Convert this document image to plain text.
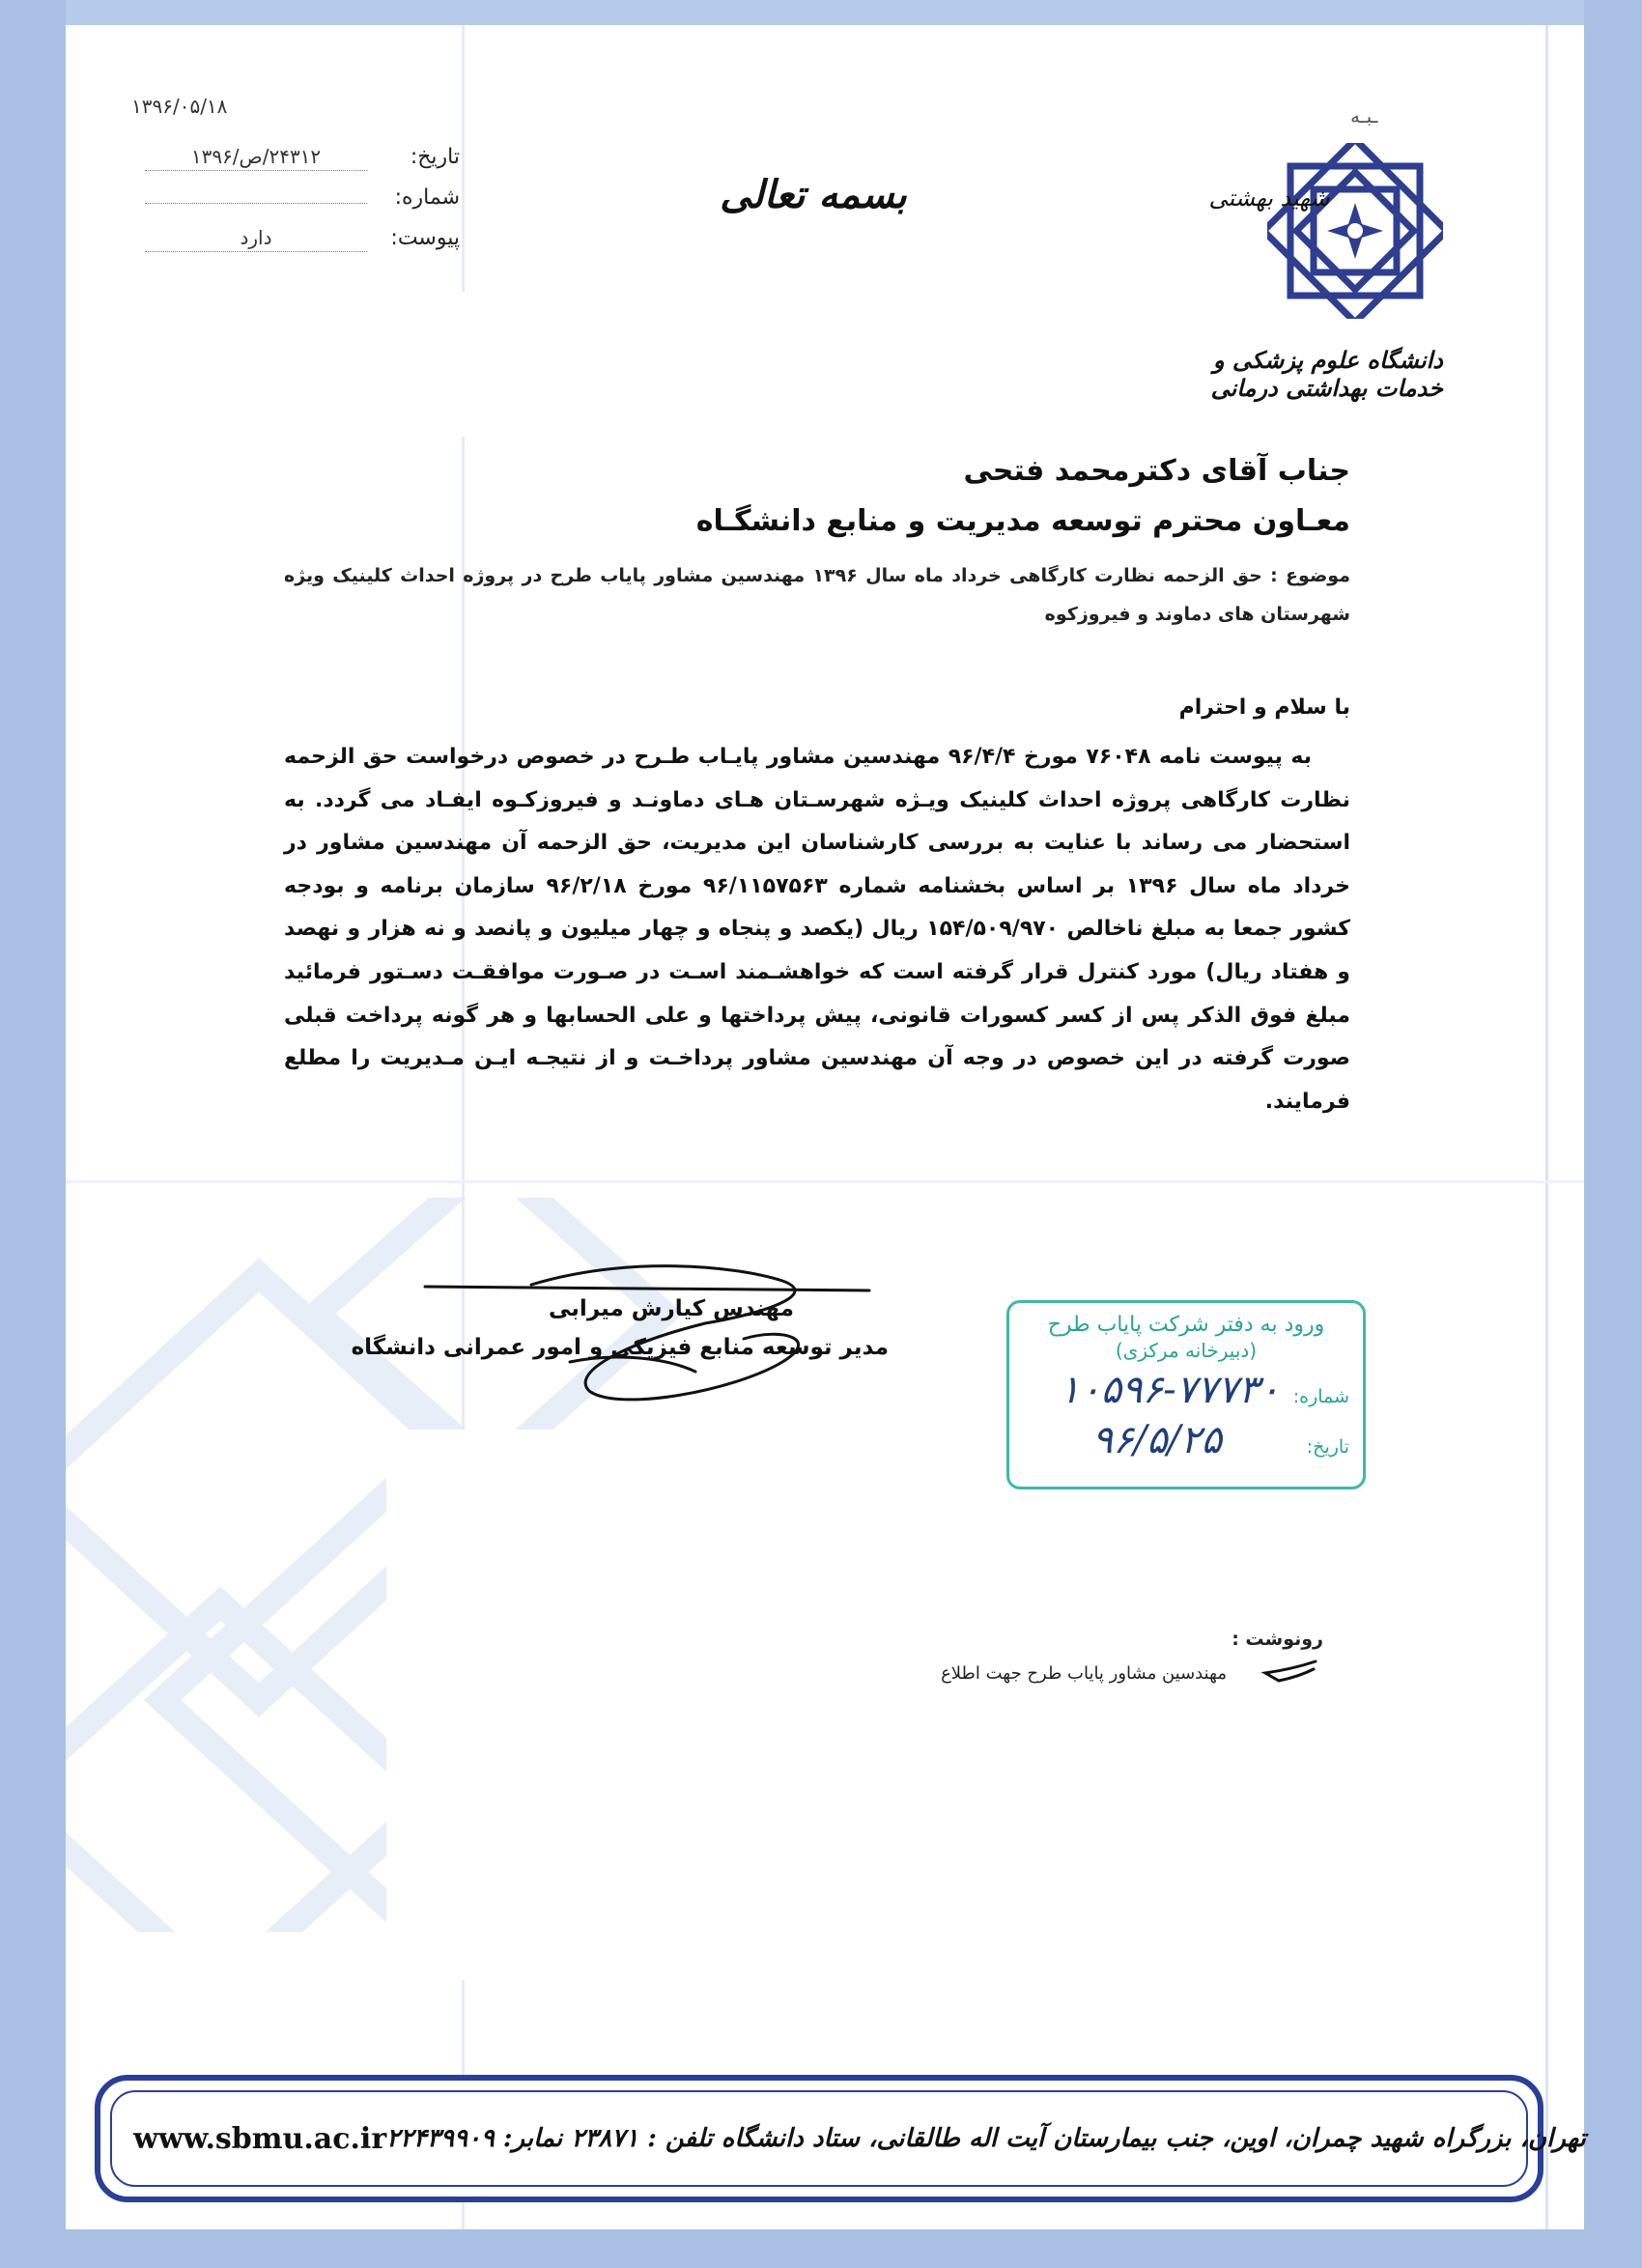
۱۳۹۶/۰۵/۱۸
تاریخ:
۲۴۳۱۲/ص/۱۳۹۶
شماره:
پیوست:
دارد
بسمه تعالی
ـبـه
شهید بهشتی
دانشگاه علوم پزشکی و خدمات بهداشتی درمانی
جناب آقای دکترمحمد فتحی
معـاون محترم توسعه مدیریت و منابع دانشگـاه
موضوع : حق الزحمه نظارت کارگاهی خرداد ماه سال ۱۳۹۶ مهندسین مشاور پایاب طرح در پروژه احداث کلینیک ویژه شهرستان های دماوند و فیروزکوه
با سلام و احترام
به پیوست نامه ۷۶۰۴۸ مورخ ۹۶/۴/۴ مهندسین مشاور پایـاب طـرح در خصوص درخواست حق الزحمه نظارت کارگاهی پروژه احداث کلینیک ویـژه شهرسـتان هـای دماونـد و فیروزکـوه ایفـاد می گردد. به استحضار می رساند با عنایت به بررسی کارشناسان این مدیریت، حق الزحمه آن مهندسین مشاور در خرداد ماه سال ۱۳۹۶ بر اساس بخشنامه شماره ۹۶/۱۱۵۷۵۶۳ مورخ ۹۶/۲/۱۸ سازمان برنامه و بودجه کشور جمعا به مبلغ ناخالص ۱۵۴/۵۰۹/۹۷۰ ریال (یکصد و پنجاه و چهار میلیون و پانصد و نه هزار و نهصد و هفتاد ریال) مورد کنترل قرار گرفته است که خواهشـمند اسـت در صـورت موافقـت دسـتور فرمائید مبلغ فوق الذکر پس از کسر کسورات قانونی، پیش پرداختها و علی الحسابها و هر گونه پرداخت قبلی صورت گرفته در این خصوص در وجه آن مهندسین مشاور پرداخـت و از نتیجـه ایـن مـدیریت را مطلع فرمایند.
مهندس کیارش میرابی
مدیر توسعه منابع فیزیکی و امور عمرانی دانشگاه
ورود به دفتر شرکت پایاب طرح
(دبیرخانه مرکزی)
شماره:
۱۰۵۹۶-۷۷۷۳۰
تاریخ:
۹۶/۵/۲۵
رونوشت :
مهندسین مشاور پایاب طرح جهت اطلاع
www.sbmu.ac.ir تهران، بزرگراه شهید چمران، اوین، جنب بیمارستان آیت اله طالقانی، ستاد دانشگاه تلفن : ۲۳۸۷۱ نمابر: ۲۲۴۳۹۹۰۹
